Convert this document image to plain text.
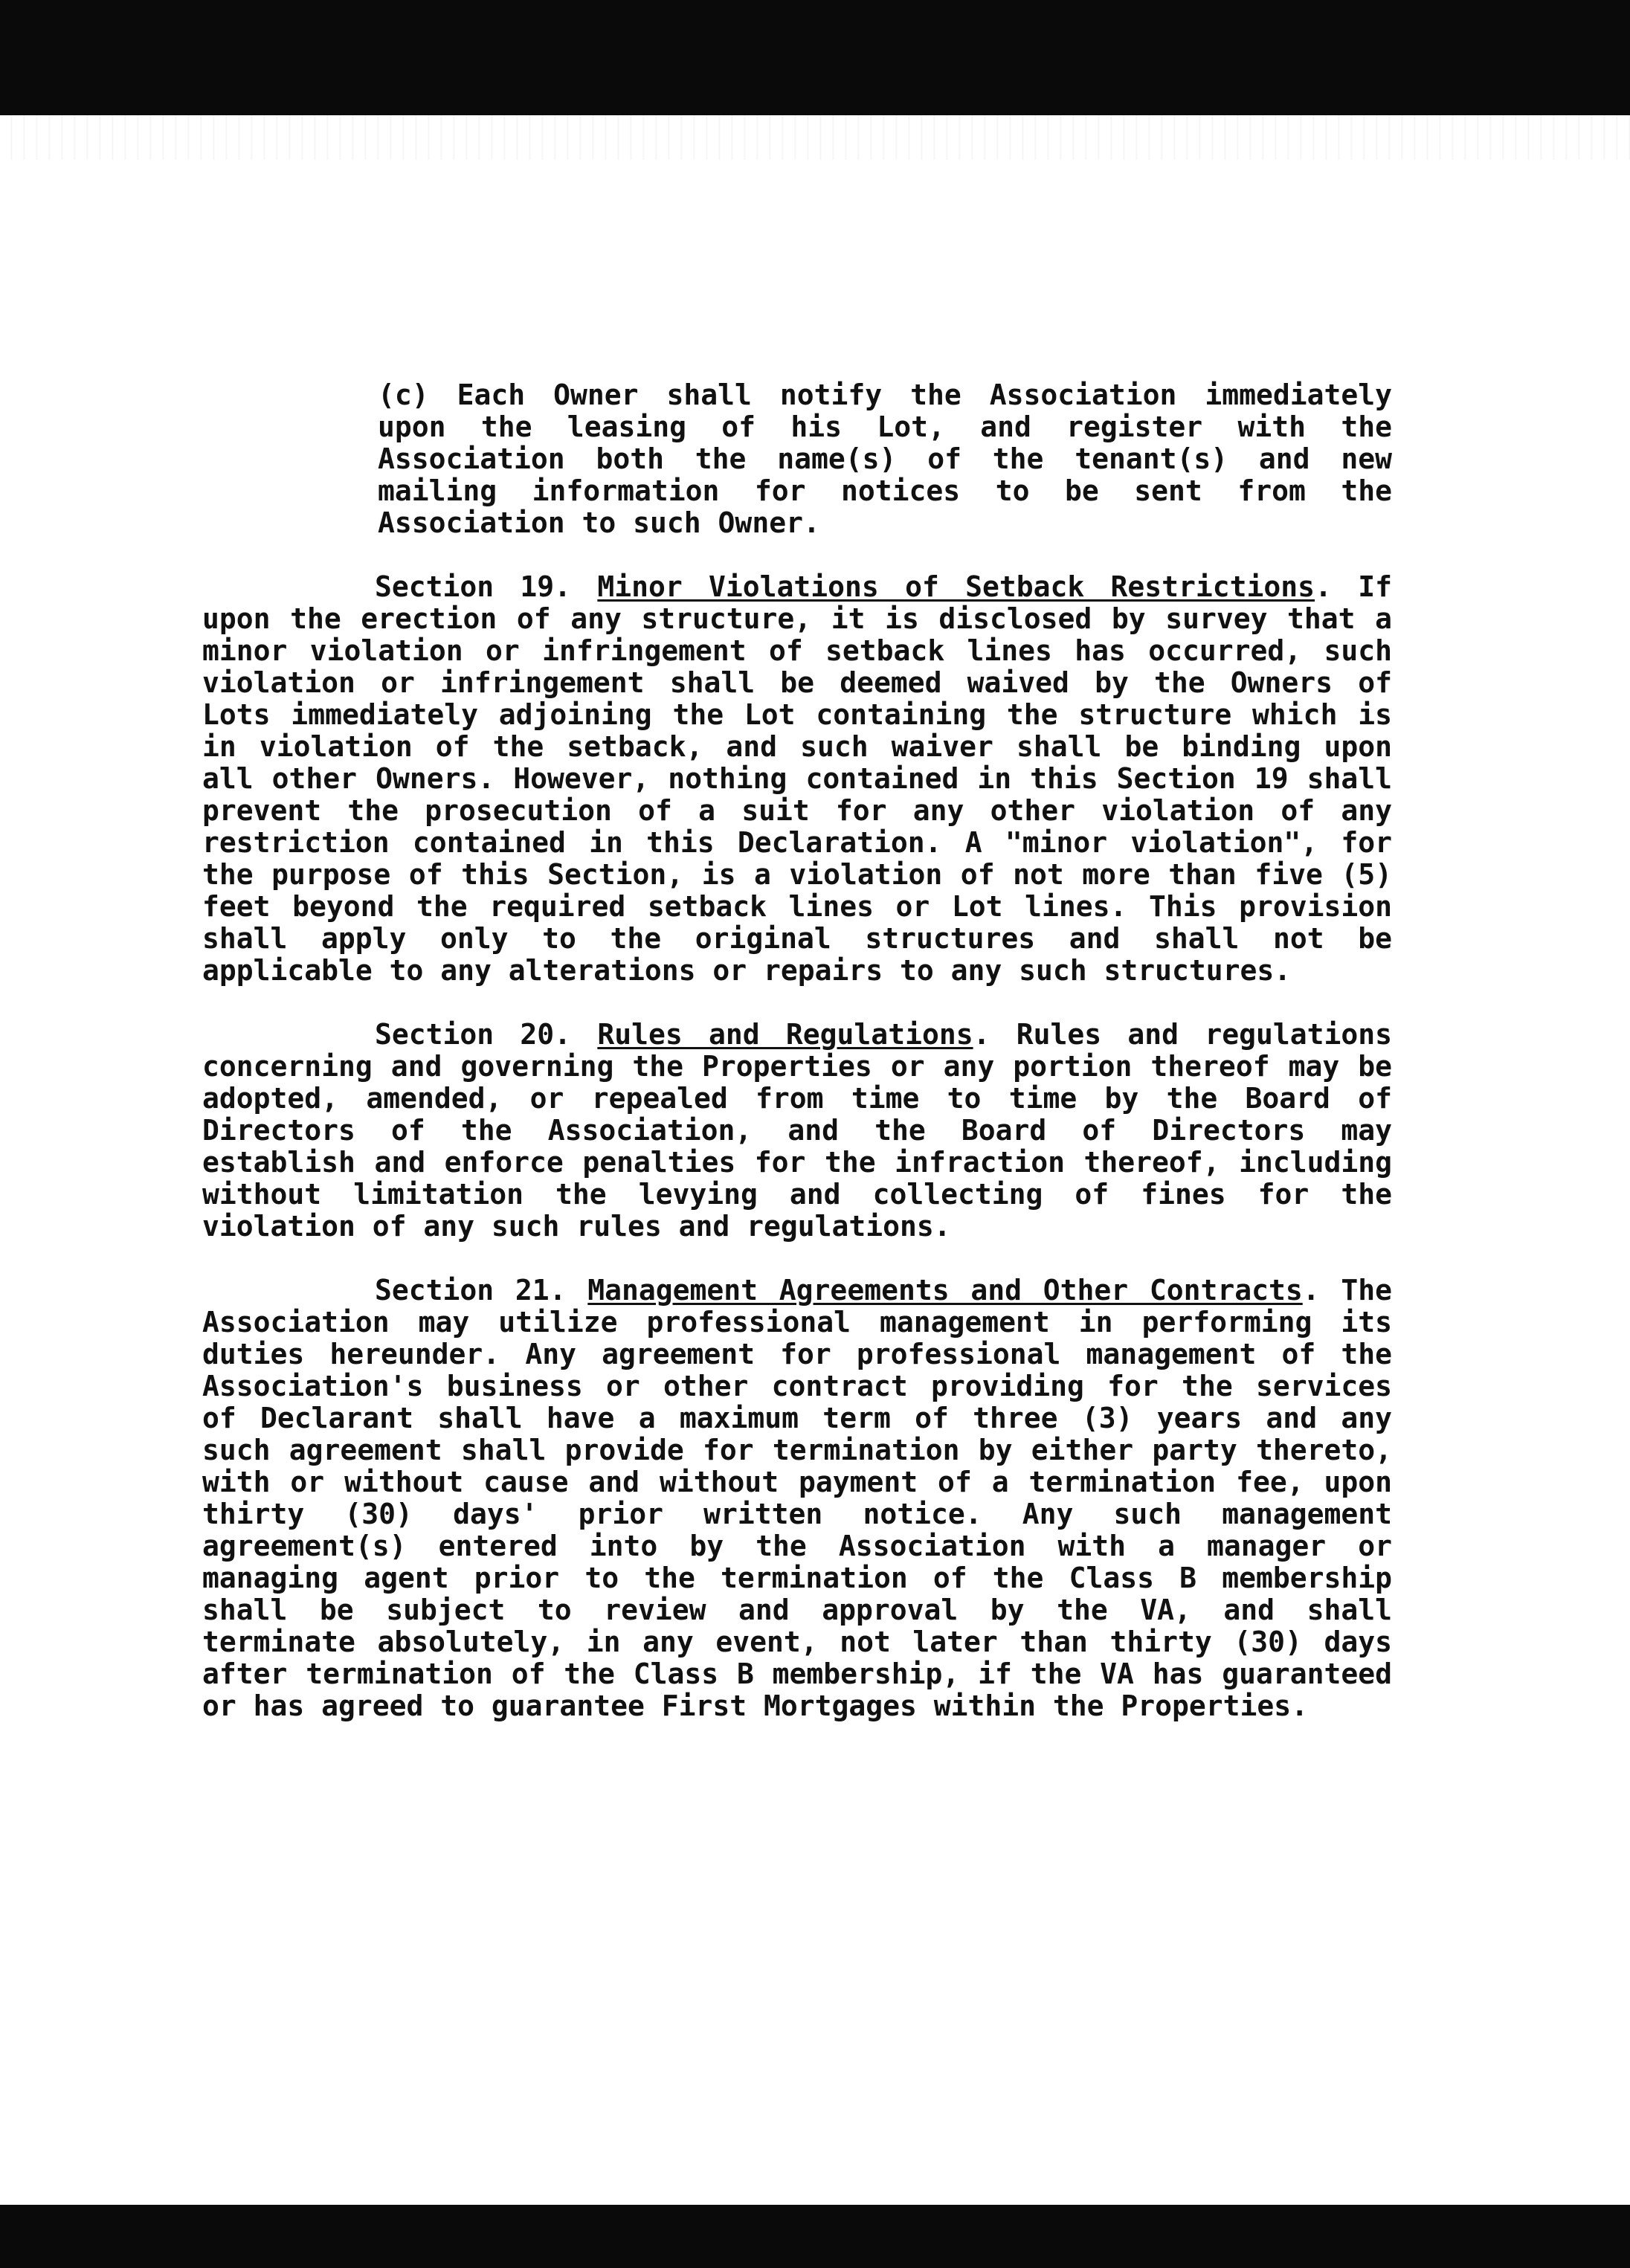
(c) Each Owner shall notify the Association immediately upon the leasing of his Lot, and register with the Association both the name(s) of the tenant(s) and new mailing information for notices to be sent from the Association to such Owner.

Section 19. Minor Violations of Setback Restrictions. If upon the erection of any structure, it is disclosed by survey that a minor violation or infringement of setback lines has occurred, such violation or infringement shall be deemed waived by the Owners of Lots immediately adjoining the Lot containing the structure which is in violation of the setback, and such waiver shall be binding upon all other Owners. However, nothing contained in this Section 19 shall prevent the prosecution of a suit for any other violation of any restriction contained in this Declaration. A "minor violation", for the purpose of this Section, is a violation of not more than five (5) feet beyond the required setback lines or Lot lines. This provision shall apply only to the original structures and shall not be applicable to any alterations or repairs to any such structures.

Section 20. Rules and Regulations. Rules and regulations concerning and governing the Properties or any portion thereof may be adopted, amended, or repealed from time to time by the Board of Directors of the Association, and the Board of Directors may establish and enforce penalties for the infraction thereof, including without limitation the levying and collecting of fines for the violation of any such rules and regulations.

Section 21. Management Agreements and Other Contracts. The Association may utilize professional management in performing its duties hereunder. Any agreement for professional management of the Association's business or other contract providing for the services of Declarant shall have a maximum term of three (3) years and any such agreement shall provide for termination by either party thereto, with or without cause and without payment of a termination fee, upon thirty (30) days' prior written notice. Any such management agreement(s) entered into by the Association with a manager or managing agent prior to the termination of the Class B membership shall be subject to review and approval by the VA, and shall terminate absolutely, in any event, not later than thirty (30) days after termination of the Class B membership, if the VA has guaranteed or has agreed to guarantee First Mortgages within the Properties.
